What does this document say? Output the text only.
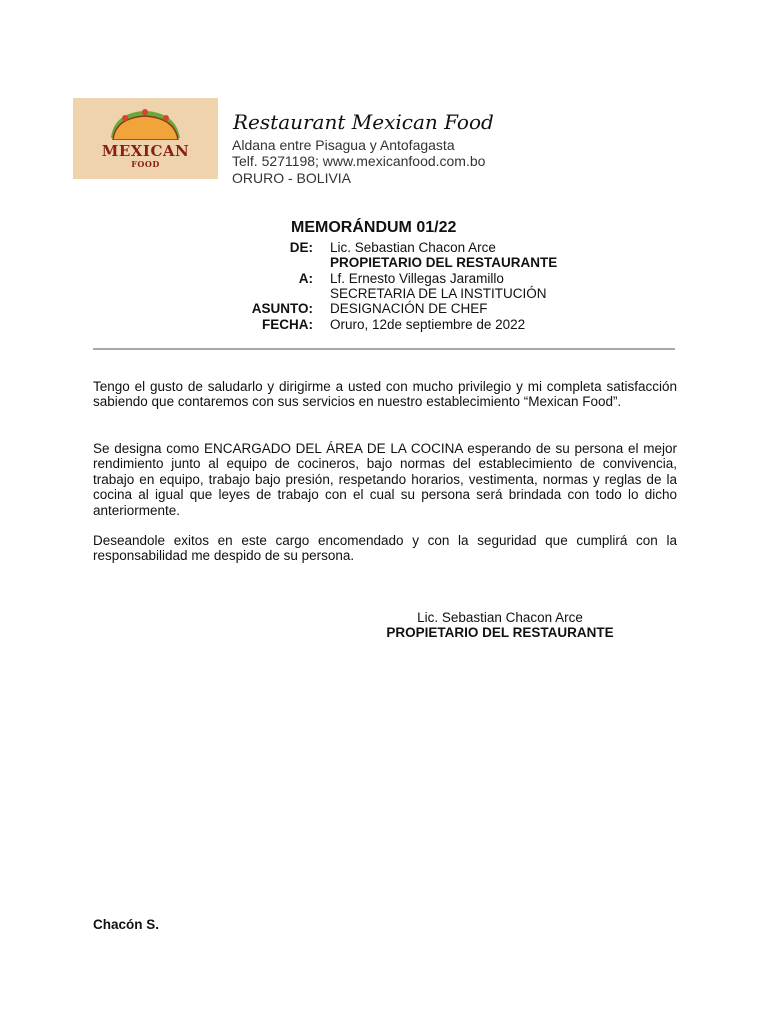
MEXICAN
FOOD
Restaurant Mexican Food
Aldana entre Pisagua y Antofagasta
Telf. 5271198; www.mexicanfood.com.bo
ORURO - BOLIVIA
MEMORÁNDUM 01/22
DE: Lic. Sebastian Chacon Arce
PROPIETARIO DEL RESTAURANTE
A: Lf. Ernesto Villegas Jaramillo
SECRETARIA DE LA INSTITUCIÓN
ASUNTO: DESIGNACIÓN DE CHEF
FECHA: Oruro, 12de septiembre de 2022

Tengo el gusto de saludarlo y dirigirme a usted con mucho privilegio y mi completa satisfacción sabiendo que contaremos con sus servicios en nuestro establecimiento “Mexican Food”.

Se designa como ENCARGADO DEL ÁREA DE LA COCINA esperando de su persona el mejor rendimiento junto al equipo de cocineros, bajo normas del establecimiento de convivencia, trabajo en equipo, trabajo bajo presión, respetando horarios, vestimenta, normas y reglas de la cocina al igual que leyes de trabajo con el cual su persona será brindada con todo lo dicho anteriormente.

Deseandole exitos en este cargo encomendado y con la seguridad que cumplirá con la responsabilidad me despido de su persona.

Lic. Sebastian Chacon Arce
PROPIETARIO DEL RESTAURANTE
Chacón S.
